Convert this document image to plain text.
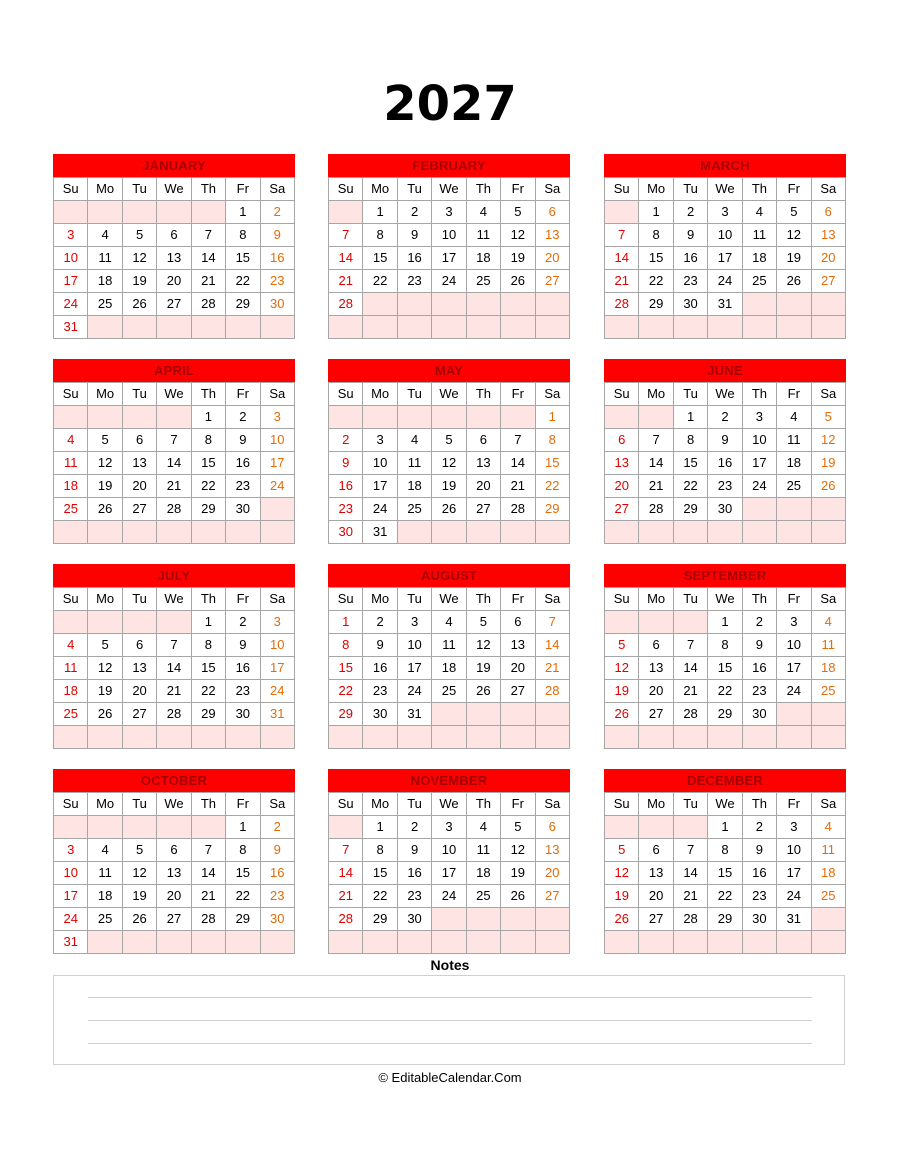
2027
JANUARY
Su	Mo	Tu	We	Th	Fr	Sa
					1	2
3	4	5	6	7	8	9
10	11	12	13	14	15	16
17	18	19	20	21	22	23
24	25	26	27	28	29	30
31						
FEBRUARY
Su	Mo	Tu	We	Th	Fr	Sa
	1	2	3	4	5	6
7	8	9	10	11	12	13
14	15	16	17	18	19	20
21	22	23	24	25	26	27
28						

MARCH
Su	Mo	Tu	We	Th	Fr	Sa
	1	2	3	4	5	6
7	8	9	10	11	12	13
14	15	16	17	18	19	20
21	22	23	24	25	26	27
28	29	30	31			

APRIL
Su	Mo	Tu	We	Th	Fr	Sa
				1	2	3
4	5	6	7	8	9	10
11	12	13	14	15	16	17
18	19	20	21	22	23	24
25	26	27	28	29	30	

MAY
Su	Mo	Tu	We	Th	Fr	Sa
						1
2	3	4	5	6	7	8
9	10	11	12	13	14	15
16	17	18	19	20	21	22
23	24	25	26	27	28	29
30	31					
JUNE
Su	Mo	Tu	We	Th	Fr	Sa
		1	2	3	4	5
6	7	8	9	10	11	12
13	14	15	16	17	18	19
20	21	22	23	24	25	26
27	28	29	30			

JULY
Su	Mo	Tu	We	Th	Fr	Sa
				1	2	3
4	5	6	7	8	9	10
11	12	13	14	15	16	17
18	19	20	21	22	23	24
25	26	27	28	29	30	31

AUGUST
Su	Mo	Tu	We	Th	Fr	Sa
1	2	3	4	5	6	7
8	9	10	11	12	13	14
15	16	17	18	19	20	21
22	23	24	25	26	27	28
29	30	31				

SEPTEMBER
Su	Mo	Tu	We	Th	Fr	Sa
			1	2	3	4
5	6	7	8	9	10	11
12	13	14	15	16	17	18
19	20	21	22	23	24	25
26	27	28	29	30		

OCTOBER
Su	Mo	Tu	We	Th	Fr	Sa
					1	2
3	4	5	6	7	8	9
10	11	12	13	14	15	16
17	18	19	20	21	22	23
24	25	26	27	28	29	30
31						
NOVEMBER
Su	Mo	Tu	We	Th	Fr	Sa
	1	2	3	4	5	6
7	8	9	10	11	12	13
14	15	16	17	18	19	20
21	22	23	24	25	26	27
28	29	30				

DECEMBER
Su	Mo	Tu	We	Th	Fr	Sa
			1	2	3	4
5	6	7	8	9	10	11
12	13	14	15	16	17	18
19	20	21	22	23	24	25
26	27	28	29	30	31	

Notes
© EditableCalendar.Com
